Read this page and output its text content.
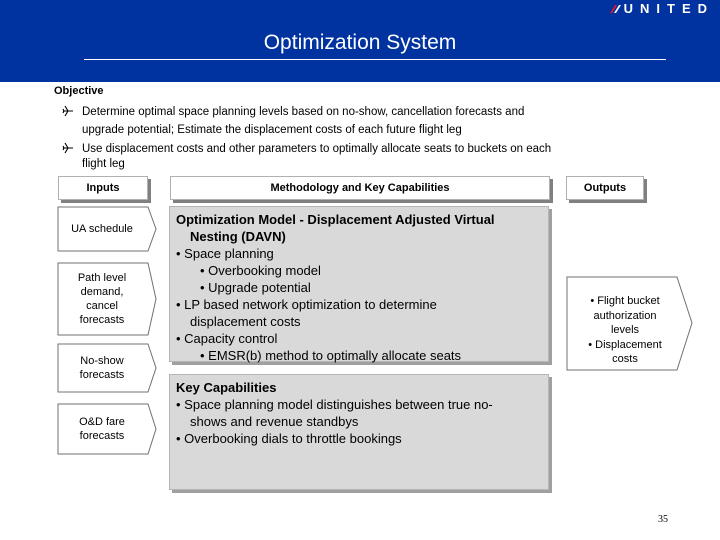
UNITED
Optimization System
Objective
Determine optimal space planning levels based on no-show, cancellation forecasts and
upgrade potential; Estimate the displacement costs of each future flight leg
Use displacement costs and other parameters to optimally allocate seats to buckets on each
flight leg
Inputs	Methodology and Key Capabilities	Outputs
UA schedule
Path level
demand,
cancel
forecasts
No-show
forecasts
O&D fare
forecasts
Optimization Model - Displacement Adjusted Virtual
Nesting (DAVN)
• Space planning
• Overbooking model
• Upgrade potential
• LP based network optimization to determine
displacement costs
• Capacity control
• EMSR(b) method to optimally allocate seats
Key Capabilities
• Space planning model distinguishes between true no-
shows and revenue standbys
• Overbooking dials to throttle bookings
• Flight bucket
authorization
levels
• Displacement
costs
35
